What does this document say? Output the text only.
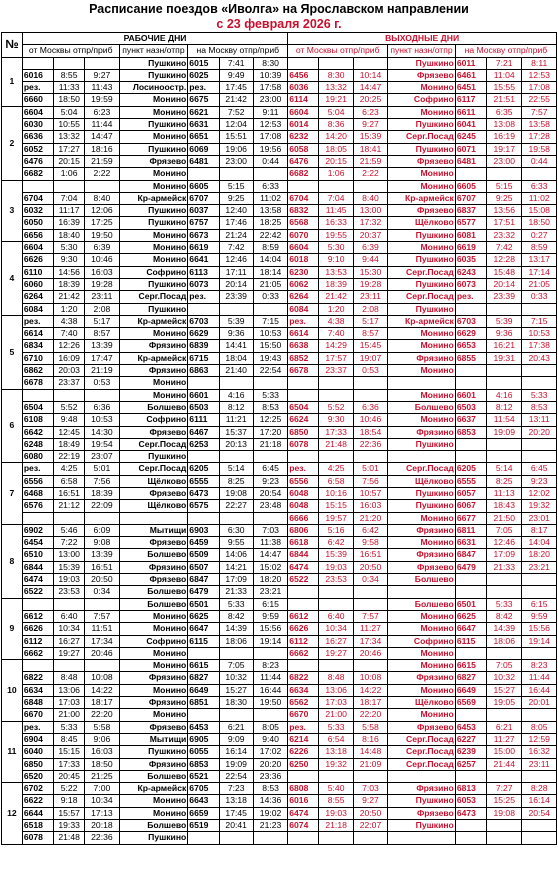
Расписание поездов «Иволга» на Ярославском направлении
с 23 февраля 2026 г.
№	РАБОЧИЕ ДНИ							ВЫХОДНЫЕ ДНИ						
	от Москвы отпр/приб			пункт назн/отпр	на Москву отпр/приб			от Москвы отпр/приб			пункт назн/отпр	на Москву отпр/приб		
1				Пушкино	6015	7:41	8:30				Пушкино	6011	7:21	8:11
	6016	8:55	9:27	Пушкино	6025	9:49	10:39	6456	8:30	10:14	Фрязево	6461	11:04	12:53
	рез.	11:33	11:43	Лосиноостр.	рез.	17:45	17:58	6036	13:32	14:47	Монино	6451	15:55	17:08
	6660	18:50	19:59	Монино	6675	21:42	23:00	6114	19:21	20:25	Софрино	6117	21:51	22:55
2	6604	5:04	6:23	Монино	6621	7:52	9:11	6604	5:04	6:23	Монино	6611	6:35	7:57
	6030	10:55	11:44	Пушкино	6631	12:04	12:53	6014	8:36	9:27	Пушкино	6041	13:08	13:58
	6636	13:32	14:47	Монино	6651	15:51	17:08	6232	14:20	15:39	Серг.Посад	6245	16:19	17:28
	6052	17:27	18:16	Пушкино	6069	19:06	19:56	6058	18:05	18:41	Пушкино	6071	19:17	19:58
	6476	20:15	21:59	Фрязево	6481	23:00	0:44	6476	20:15	21:59	Фрязево	6481	23:00	0:44
	6682	1:06	2:22	Монино				6682	1:06	2:22	Монино			
3				Монино	6605	5:15	6:33				Монино	6605	5:15	6:33
	6704	7:04	8:40	Кр-армейск	6707	9:25	11:02	6704	7:04	8:40	Кр-армейск	6707	9:25	11:02
	6032	11:17	12:06	Пушкино	6037	12:40	13:58	6832	11:45	13:00	Фрязево	6837	13:56	15:08
	6050	16:39	17:25	Пушкино	6757	17:46	18:25	6568	16:33	17:32	Щёлково	6577	17:51	18:50
	6656	18:40	19:50	Монино	6673	21:24	22:42	6070	19:55	20:37	Пушкино	6081	23:32	0:27
4	6604	5:30	6:39	Монино	6619	7:42	8:59	6604	5:30	6:39	Монино	6619	7:42	8:59
	6626	9:30	10:46	Монино	6641	12:46	14:04	6018	9:10	9:44	Пушкино	6035	12:28	13:17
	6110	14:56	16:03	Софрино	6113	17:11	18:14	6230	13:53	15:30	Серг.Посад	6243	15:48	17:14
	6060	18:39	19:28	Пушкино	6073	20:14	21:05	6062	18:39	19:28	Пушкино	6073	20:14	21:05
	6264	21:42	23:11	Серг.Посад	рез.	23:39	0:33	6264	21:42	23:11	Серг.Посад	рез.	23:39	0:33
	6084	1:20	2:08	Пушкино				6084	1:20	2:08	Пушкино			
5	рез.	4:38	5:17	Кр-армейск	6703	5:39	7:15	рез.	4:38	5:17	Кр-армейск	6703	5:39	7:15
	6614	7:40	8:57	Монино	6629	9:36	10:53	6614	7:40	8:57	Монино	6629	9:36	10:53
	6834	12:26	13:39	Фрязино	6839	14:41	15:50	6638	14:29	15:45	Монино	6653	16:21	17:38
	6710	16:09	17:47	Кр-армейск	6715	18:04	19:43	6852	17:57	19:07	Фрязино	6855	19:31	20:43
	6862	20:03	21:19	Фрязино	6863	21:40	22:54	6678	23:37	0:53	Монино			
	6678	23:37	0:53	Монино										
6				Монино	6601	4:16	5:33				Монино	6601	4:16	5:33
	6504	5:52	6:36	Болшево	6503	8:12	8:53	6504	5:52	6:36	Болшево	6503	8:12	8:53
	6108	9:48	10:53	Софрино	6111	11:21	12:25	6624	9:30	10:46	Монино	6637	11:54	13:11
	6642	12:45	14:30	Фрязево	6467	15:37	17:20	6850	17:33	18:54	Фрязино	6853	19:09	20:20
	6248	18:49	19:54	Серг.Посад	6253	20:13	21:18	6078	21:48	22:36	Пушкино			
	6080	22:19	23:07	Пушкино										
7	рез.	4:25	5:01	Серг.Посад	6205	5:14	6:45	рез.	4:25	5:01	Серг.Посад	6205	5:14	6:45
	6556	6:58	7:56	Щёлково	6555	8:25	9:23	6556	6:58	7:56	Щёлково	6555	8:25	9:23
	6468	16:51	18:39	Фрязево	6473	19:08	20:54	6048	10:16	10:57	Пушкино	6057	11:13	12:02
	6576	21:12	22:09	Щёлково	6575	22:27	23:48	6048	15:15	16:03	Пушкино	6067	18:43	19:32
								6666	19:57	21:20	Монино	6677	21:50	23:01
8	6902	5:46	6:09	Мытищи	6903	6:30	7:03	6806	5:16	6:42	Фрязино	6811	7:05	8:17
	6454	7:22	9:08	Фрязево	6459	9:55	11:38	6618	6:42	9:58	Монино	6631	12:46	14:04
	6510	13:00	13:39	Болшево	6509	14:06	14:47	6844	15:39	16:51	Фрязино	6847	17:09	18:20
	6844	15:39	16:51	Фрязино	6507	14:21	15:02	6474	19:03	20:50	Фрязево	6479	21:33	23:21
	6474	19:03	20:50	Фрязево	6847	17:09	18:20	6522	23:53	0:34	Болшево			
	6522	23:53	0:34	Болшево	6479	21:33	23:21							
9				Болшево	6501	5:33	6:15				Болшево	6501	5:33	6:15
	6612	6:40	7:57	Монино	6625	8:42	9:59	6612	6:40	7:57	Монино	6625	8:42	9:59
	6626	10:34	11:51	Монино	6647	14:39	15:56	6626	10:34	11:27	Монино	6647	14:39	15:56
	6112	16:27	17:34	Софрино	6115	18:06	19:14	6112	16:27	17:34	Софрино	6115	18:06	19:14
	6662	19:27	20:46	Монино				6662	19:27	20:46	Монино			
10				Монино	6615	7:05	8:23				Монино	6615	7:05	8:23
	6822	8:48	10:08	Фрязино	6827	10:32	11:44	6822	8:48	10:08	Фрязино	6827	10:32	11:44
	6634	13:06	14:22	Монино	6649	15:27	16:44	6634	13:06	14:22	Монино	6649	15:27	16:44
	6848	17:03	18:17	Фрязино	6851	18:30	19:50	6562	17:03	18:17	Щёлково	6569	19:05	20:01
	6670	21:00	22:20	Монино				6670	21:00	22:20	Монино			
11	рез.	5:33	5:58	Фрязево	6453	6:21	8:05	рез.	5:33	5:58	Фрязево	6453	6:21	8:05
	6904	8:45	9:06	Мытищи	6905	9:09	9:40	6214	6:54	8:16	Серг.Посад	6227	11:27	12:59
	6040	15:15	16:03	Пушкино	6055	16:14	17:02	6226	13:18	14:48	Серг.Посад	6239	15:00	16:32
	6850	17:33	18:50	Фрязино	6853	19:09	20:20	6250	19:32	21:09	Серг.Посад	6257	21:44	23:11
	6520	20:45	21:25	Болшево	6521	22:54	23:36							
12	6702	5:22	7:00	Кр-армейск	6705	7:23	8:53	6808	5:40	7:03	Фрязино	6813	7:27	8:28
	6622	9:18	10:34	Монино	6643	13:18	14:36	6016	8:55	9:27	Пушкино	6053	15:25	16:14
	6644	15:57	17:13	Монино	6659	17:45	19:02	6474	19:03	20:50	Фрязево	6473	19:08	20:54
	6518	19:33	20:18	Болшево	6519	20:41	21:23	6074	21:18	22:07	Пушкино			
	6078	21:48	22:36	Пушкино										
